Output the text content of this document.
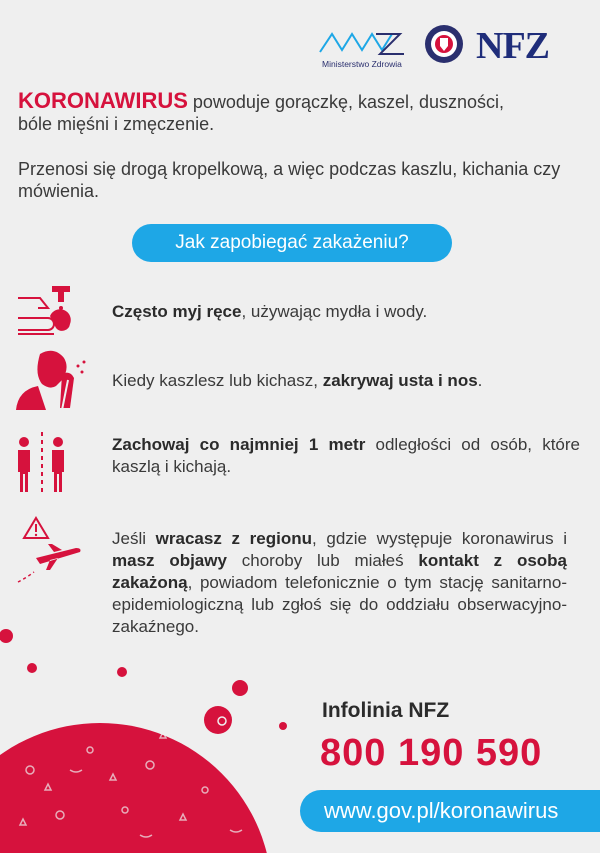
Ministerstwo Zdrowia NFZ
KORONAWIRUS powoduje gorączkę, kaszel, duszności,
bóle mięśni i zmęczenie.
Przenosi się drogą kropelkową, a więc podczas kaszlu, kichania czy mówienia.
Jak zapobiegać zakażeniu?
Często myj ręce, używając mydła i wody.
Kiedy kaszlesz lub kichasz, zakrywaj usta i nos.
Zachowaj co najmniej 1 metr odległości od osób, które kaszlą i kichają.
Jeśli wracasz z regionu, gdzie występuje koronawirus i masz objawy choroby lub miałeś kontakt z osobą zakażoną, powiadom telefonicznie o tym stację sanitarno-epidemiologiczną lub zgłoś się do oddziału obserwacyjno-zakaźnego.
Infolinia NFZ
800 190 590
www.gov.pl/koronawirus
